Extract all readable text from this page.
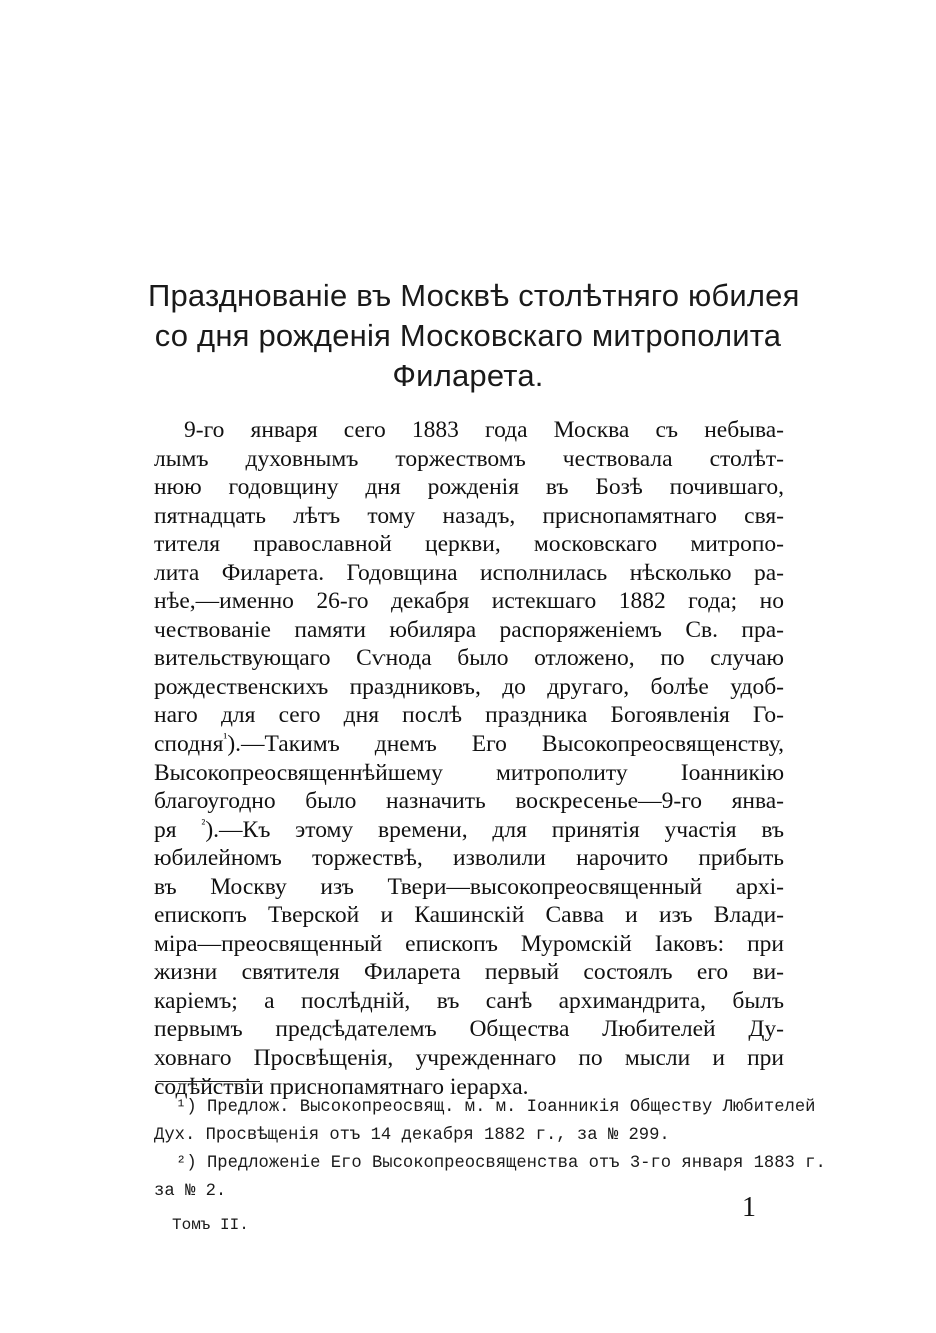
Празднованіе въ Москвѣ столѣтняго юбилея
со дня рожденія Московскаго митрополита
Филарета.
9-го января сего 1883 года Москва съ небыва-
лымъ духовнымъ торжествомъ чествовала столѣт-
нюю годовщину дня рожденія въ Бозѣ почившаго,
пятнадцать лѣтъ тому назадъ, приснопамятнаго свя-
тителя православной церкви, московскаго митропо-
лита Филарета. Годовщина исполнилась нѣсколько ра-
нѣе,—именно 26-го декабря истекшаго 1882 года; но
чествованіе памяти юбиляра распоряженіемъ Св. пра-
вительствующаго Сѵнода было отложено, по случаю
рождественскихъ праздниковъ, до другаго, болѣе удоб-
наго для сего дня послѣ праздника Богоявленія Го-
сподня$^{^1}$).—Такимъ днемъ Его Высокопреосвященству,
Высокопреосвященнѣйшему митрополиту Іоанникію
благоугодно было назначить воскресенье—9-го янва-
ря $^{^2}$).—Къ этому времени, для принятія участія въ
юбилейномъ торжествѣ, изволили нарочито прибыть
въ Москву изъ Твери—высокопреосвященный архі-
епископъ Тверской и Кашинскій Савва и изъ Влади-
міра—преосвященный епископъ Муромскій Іаковъ: при
жизни святителя Филарета первый состоялъ его ви-
каріемъ; а послѣдній, въ санѣ архимандрита, былъ
первымъ предсѣдателемъ Общества Любителей Ду-
ховнаго Просвѣщенія, учрежденнаго по мысли и при
содѣйствіи приснопамятнаго іерарха.
¹) Предлож. Высокопреосвящ. м. м. Іоанникія Обществу Любителей
Дух. Просвѣщенія отъ 14 декабря 1882 г., за № 299.
²) Предложеніе Его Высокопреосвященства отъ 3-го января 1883 г.
за № 2.
Томъ II.
1
